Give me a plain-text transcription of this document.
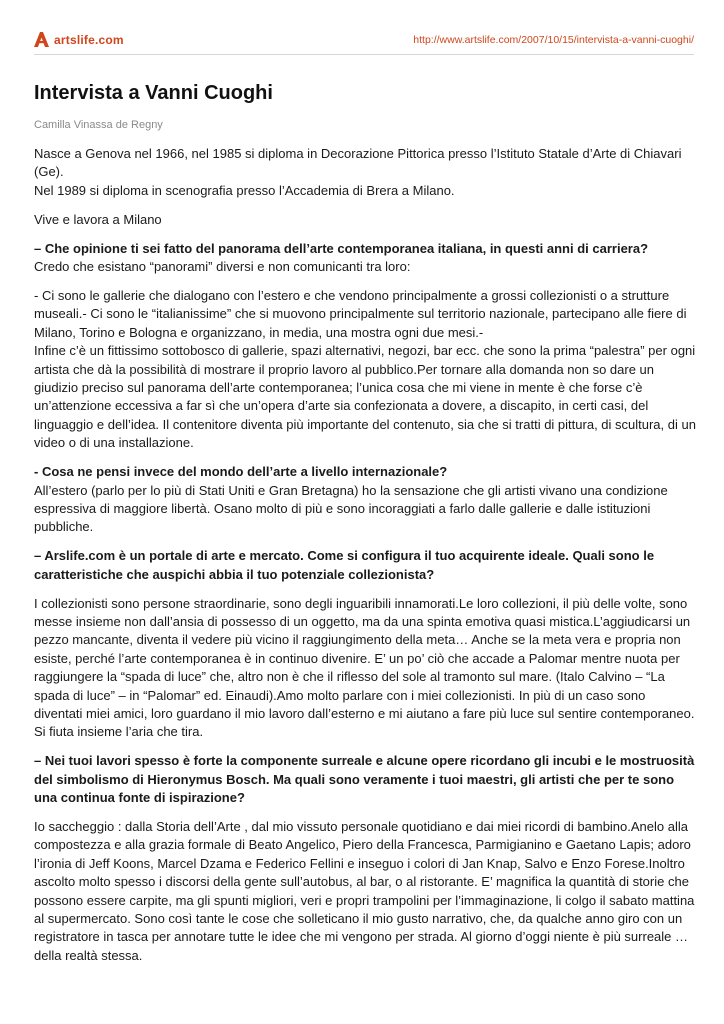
artslife.com	http://www.artslife.com/2007/10/15/intervista-a-vanni-cuoghi/
Intervista a Vanni Cuoghi
Camilla Vinassa de Regny

Nasce a Genova nel 1966, nel 1985 si diploma in Decorazione Pittorica presso l’Istituto Statale d’Arte di Chiavari (Ge).
Nel 1989 si diploma in scenografia presso l’Accademia di Brera a Milano.

Vive e lavora a Milano

– Che opinione ti sei fatto del panorama dell’arte contemporanea italiana, in questi anni di carriera?
Credo che esistano “panorami” diversi e non comunicanti tra loro:

- Ci sono le gallerie che dialogano con l’estero e che vendono principalmente a grossi collezionisti o a strutture museali.- Ci sono le “italianissime” che si muovono principalmente sul territorio nazionale, partecipano alle fiere di Milano, Torino e Bologna e organizzano, in media, una mostra ogni due mesi.-
Infine c’è un fittissimo sottobosco di gallerie, spazi alternativi, negozi, bar ecc. che sono la prima “palestra” per ogni artista che dà la possibilità di mostrare il proprio lavoro al pubblico.Per tornare alla domanda non so dare un giudizio preciso sul panorama dell’arte contemporanea; l’unica cosa che mi viene in mente è che forse c’è un’attenzione eccessiva a far sì che un’opera d’arte sia confezionata a dovere, a discapito, in certi casi, del linguaggio e dell’idea. Il contenitore diventa più importante del contenuto, sia che si tratti di pittura, di scultura, di un video o di una installazione.

- Cosa ne pensi invece del mondo dell’arte a livello internazionale?
All’estero (parlo per lo più di Stati Uniti e Gran Bretagna) ho la sensazione che gli artisti vivano una condizione espressiva di maggiore libertà. Osano molto di più e sono incoraggiati a farlo dalle gallerie e dalle istituzioni pubbliche.

– Arslife.com è un portale di arte e mercato. Come si configura il tuo acquirente ideale. Quali sono le caratteristiche che auspichi abbia il tuo potenziale collezionista?

I collezionisti sono persone straordinarie, sono degli inguaribili innamorati.Le loro collezioni, il più delle volte, sono messe insieme non dall’ansia di possesso di un oggetto, ma da una spinta emotiva quasi mistica.L’aggiudicarsi un pezzo mancante, diventa il vedere più vicino il raggiungimento della meta… Anche se la meta vera e propria non esiste, perché l’arte contemporanea è in continuo divenire. E’ un po’ ciò che accade a Palomar mentre nuota per raggiungere la “spada di luce” che, altro non è che il riflesso del sole al tramonto sul mare. (Italo Calvino – “La spada di luce” – in “Palomar” ed. Einaudi).Amo molto parlare con i miei collezionisti. In più di un caso sono diventati miei amici, loro guardano il mio lavoro dall’esterno e mi aiutano a fare più luce sul sentire contemporaneo. Si fiuta insieme l’aria che tira.

– Nei tuoi lavori spesso è forte la componente surreale e alcune opere ricordano gli incubi e le mostruosità del simbolismo di Hieronymus Bosch. Ma quali sono veramente i tuoi maestri, gli artisti che per te sono una continua fonte di ispirazione?

Io saccheggio : dalla Storia dell’Arte , dal mio vissuto personale quotidiano e dai miei ricordi di bambino.Anelo alla compostezza e alla grazia formale di Beato Angelico, Piero della Francesca, Parmigianino e Gaetano Lapis; adoro l’ironia di Jeff Koons, Marcel Dzama e Federico Fellini e inseguo i colori di Jan Knap, Salvo e Enzo Forese.Inoltro ascolto molto spesso i discorsi della gente sull’autobus, al bar, o al ristorante. E’ magnifica la quantità di storie che possono essere carpite, ma gli spunti migliori, veri e propri trampolini per l’immaginazione, li colgo il sabato mattina al supermercato. Sono così tante le cose che solleticano il mio gusto narrativo, che, da qualche anno giro con un registratore in tasca per annotare tutte le idee che mi vengono per strada. Al giorno d’oggi niente è più surreale … della realtà stessa.
